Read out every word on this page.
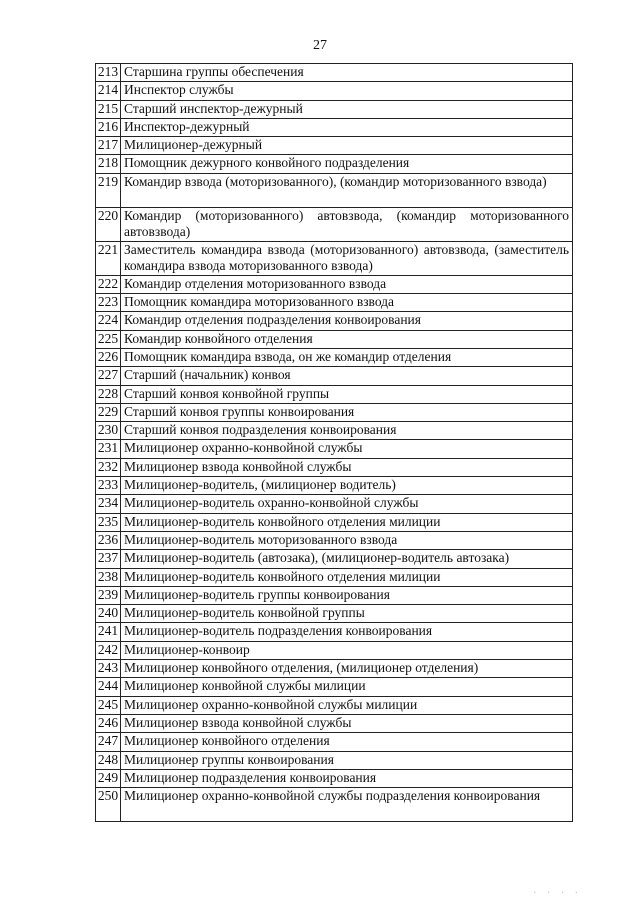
27
213	Старшина группы обеспечения
214	Инспектор службы
215	Старший инспектор-дежурный
216	Инспектор-дежурный
217	Милиционер-дежурный
218	Помощник дежурного конвойного подразделения
219	Командир взвода (моторизованного), (командир моторизованного взвода)
220	Командир (моторизованного) автовзвода, (командир моторизованного автовзвода)
221	Заместитель командира взвода (моторизованного) автовзвода, (заместитель командира взвода моторизованного взвода)
222	Командир отделения моторизованного взвода
223	Помощник командира моторизованного взвода
224	Командир отделения подразделения конвоирования
225	Командир конвойного отделения
226	Помощник командира взвода, он же командир отделения
227	Старший (начальник) конвоя
228	Старший конвоя конвойной группы
229	Старший конвоя группы конвоирования
230	Старший конвоя подразделения конвоирования
231	Милиционер охранно-конвойной службы
232	Милиционер взвода конвойной службы
233	Милиционер-водитель, (милиционер водитель)
234	Милиционер-водитель охранно-конвойной службы
235	Милиционер-водитель конвойного отделения милиции
236	Милиционер-водитель моторизованного взвода
237	Милиционер-водитель (автозака), (милиционер-водитель автозака)
238	Милиционер-водитель конвойного отделения милиции
239	Милиционер-водитель группы конвоирования
240	Милиционер-водитель конвойной группы
241	Милиционер-водитель подразделения конвоирования
242	Милиционер-конвоир
243	Милиционер конвойного отделения, (милиционер отделения)
244	Милиционер конвойной службы милиции
245	Милиционер охранно-конвойной службы милиции
246	Милиционер взвода конвойной службы
247	Милиционер конвойного отделения
248	Милиционер группы конвоирования
249	Милиционер подразделения конвоирования
250	Милиционер охранно-конвойной службы подразделения конвоирования
· · · ·
